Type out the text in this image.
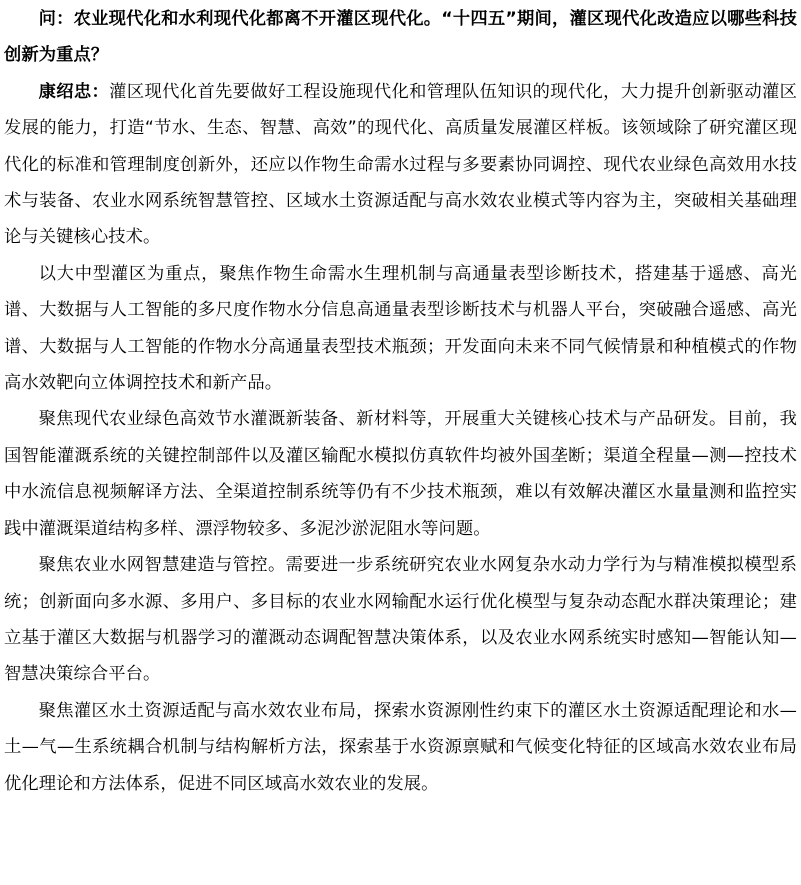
问：农业现代化和水利现代化都离不开灌区现代化。“十四五”期间，灌区现代化改造应以哪些科技创新为重点？

康绍忠：灌区现代化首先要做好工程设施现代化和管理队伍知识的现代化，大力提升创新驱动灌区发展的能力，打造“节水、生态、智慧、高效”的现代化、高质量发展灌区样板。该领域除了研究灌区现代化的标准和管理制度创新外，还应以作物生命需水过程与多要素协同调控、现代农业绿色高效用水技术与装备、农业水网系统智慧管控、区域水土资源适配与高水效农业模式等内容为主，突破相关基础理论与关键核心技术。

以大中型灌区为重点，聚焦作物生命需水生理机制与高通量表型诊断技术，搭建基于遥感、高光谱、大数据与人工智能的多尺度作物水分信息高通量表型诊断技术与机器人平台，突破融合遥感、高光谱、大数据与人工智能的作物水分高通量表型技术瓶颈；开发面向未来不同气候情景和种植模式的作物高水效靶向立体调控技术和新产品。

聚焦现代农业绿色高效节水灌溉新装备、新材料等，开展重大关键核心技术与产品研发。目前，我国智能灌溉系统的关键控制部件以及灌区输配水模拟仿真软件均被外国垄断；渠道全程量—测—控技术中水流信息视频解译方法、全渠道控制系统等仍有不少技术瓶颈，难以有效解决灌区水量量测和监控实践中灌溉渠道结构多样、漂浮物较多、多泥沙淤泥阻水等问题。

聚焦农业水网智慧建造与管控。需要进一步系统研究农业水网复杂水动力学行为与精准模拟模型系统；创新面向多水源、多用户、多目标的农业水网输配水运行优化模型与复杂动态配水群决策理论；建立基于灌区大数据与机器学习的灌溉动态调配智慧决策体系，以及农业水网系统实时感知—智能认知—智慧决策综合平台。

聚焦灌区水土资源适配与高水效农业布局，探索水资源刚性约束下的灌区水土资源适配理论和水—土—气—生系统耦合机制与结构解析方法，探索基于水资源禀赋和气候变化特征的区域高水效农业布局优化理论和方法体系，促进不同区域高水效农业的发展。
